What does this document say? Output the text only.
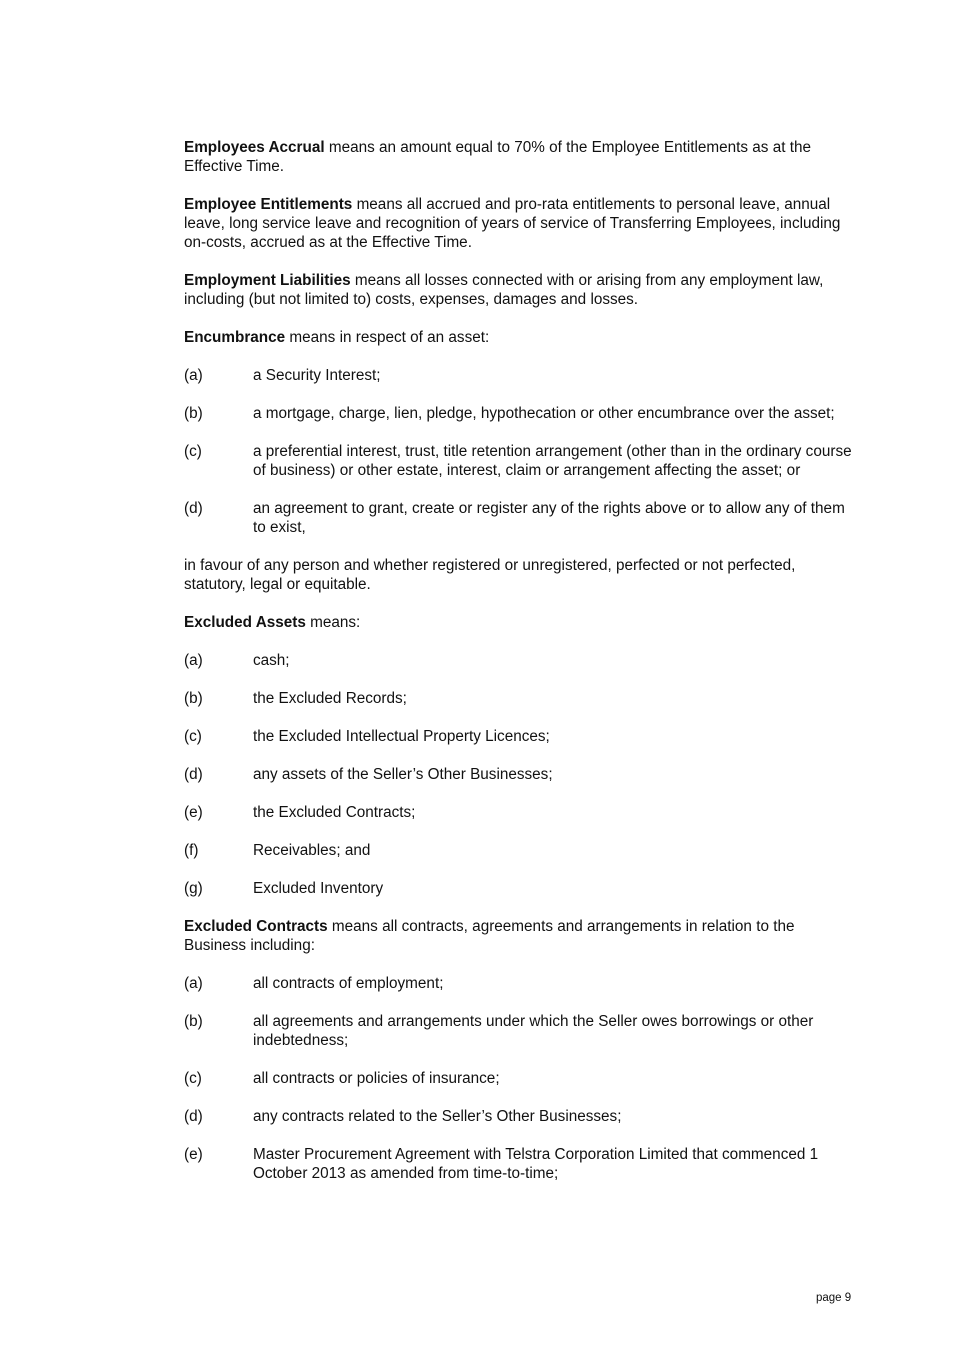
Employees Accrual means an amount equal to 70% of the Employee Entitlements as at the Effective Time.

Employee Entitlements means all accrued and pro-rata entitlements to personal leave, annual leave, long service leave and recognition of years of service of Transferring Employees, including on-costs, accrued as at the Effective Time.

Employment Liabilities means all losses connected with or arising from any employment law, including (but not limited to) costs, expenses, damages and losses.

Encumbrance means in respect of an asset:

(a)	a Security Interest;
(b)	a mortgage, charge, lien, pledge, hypothecation or other encumbrance over the asset;
(c)	a preferential interest, trust, title retention arrangement (other than in the ordinary course of business) or other estate, interest, claim or arrangement affecting the asset; or
(d)	an agreement to grant, create or register any of the rights above or to allow any of them to exist,

in favour of any person and whether registered or unregistered, perfected or not perfected, statutory, legal or equitable.

Excluded Assets means:

(a)	cash;
(b)	the Excluded Records;
(c)	the Excluded Intellectual Property Licences;
(d)	any assets of the Seller’s Other Businesses;
(e)	the Excluded Contracts;
(f)	Receivables; and
(g)	Excluded Inventory

Excluded Contracts means all contracts, agreements and arrangements in relation to the Business including:

(a)	all contracts of employment;
(b)	all agreements and arrangements under which the Seller owes borrowings or other indebtedness;
(c)	all contracts or policies of insurance;
(d)	any contracts related to the Seller’s Other Businesses;
(e)	Master Procurement Agreement with Telstra Corporation Limited that commenced 1 October 2013 as amended from time-to-time;
page 9
